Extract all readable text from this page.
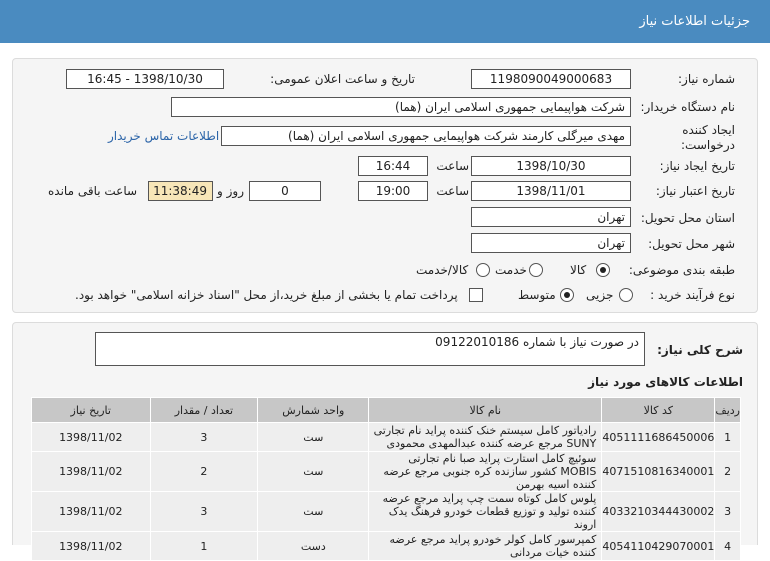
جزئیات اطلاعات نیاز
شماره نیاز:
1198090049000683
تاریخ و ساعت اعلان عمومی:
1398/10/30 - 16:45
نام دستگاه خریدار:
شرکت هواپیمایی جمهوری اسلامی ایران (هما)
ایجاد کننده
درخواست:
مهدی میرگلی کارمند شرکت هواپیمایی جمهوری اسلامی ایران (هما)
اطلاعات تماس خریدار
تاریخ ایجاد نیاز:
1398/10/30
ساعت
16:44
تاریخ اعتبار نیاز:
1398/11/01
ساعت
19:00
0
روز و
11:38:49
ساعت باقی مانده
استان محل تحویل:
تهران
شهر محل تحویل:
تهران
طبقه بندی موضوعی:
کالا
خدمت
کالا/خدمت
نوع فرآیند خرید :
جزیی
متوسط
پرداخت تمام یا بخشی از مبلغ خرید،از محل "اسناد خزانه اسلامی" خواهد بود.
شرح کلی نیاز:
در صورت نیاز با شماره 09122010186
اطلاعات کالاهای مورد نیاز
ردیف	کد کالا	نام کالا	واحد شمارش	تعداد / مقدار	تاریخ نیاز
1	4051111686450006	رادیاتور کامل سیستم خنک کننده پراید نام تجارتی SUNY مرجع عرضه کننده عبدالمهدی محمودی	ست	3	1398/11/02
2	4071510816340001	سوئیچ کامل استارت پراید صبا نام تجارتی MOBIS کشور سازنده کره جنوبی مرجع عرضه کننده اسیه بهرمن	ست	2	1398/11/02
3	4033210344430002	پلوس کامل کوتاه سمت چپ پراید مرجع عرضه کننده تولید و توزیع قطعات خودرو فرهنگ یدک اروند	ست	3	1398/11/02
4	4054110429070001	کمپرسور کامل کولر خودرو پراید مرجع عرضه کننده خیات مردانی	دست	1	1398/11/02
